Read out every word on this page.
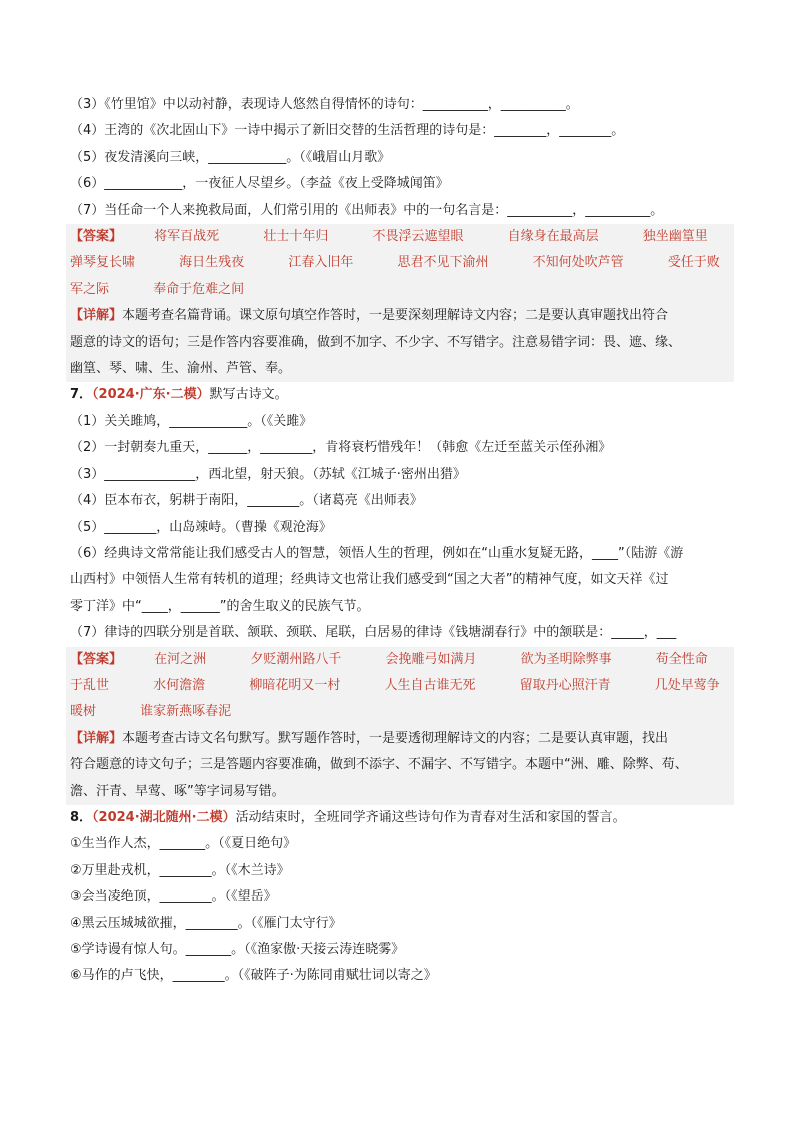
（3）《竹里馆》中以动衬静，表现诗人悠然自得情怀的诗句：__________，__________。
（4）王湾的《次北固山下》一诗中揭示了新旧交替的生活哲理的诗句是：________，________。
（5）夜发清溪向三峡，____________。（《峨眉山月歌》
（6）____________，一夜征人尽望乡。（李益《夜上受降城闻笛》
（7）当任命一个人来挽救局面，人们常引用的《出师表》中的一句名言是：__________，__________。
【答案】 将军百战死	壮士十年归	不畏浮云遮望眼	自缘身在最高层	独坐幽篁里
弹琴复长啸	海日生残夜	江春入旧年	思君不见下渝州	不知何处吹芦管	受任于败
军之际	奉命于危难之间
【详解】本题考查名篇背诵。课文原句填空作答时，一是要深刻理解诗文内容；二是要认真审题找出符合
题意的诗文的语句；三是作答内容要准确，做到不加字、不少字、不写错字。注意易错字词：畏、遮、缘、
幽篁、琴、啸、生、渝州、芦管、奉。
7．（2024·广东·二模）默写古诗文。
（1）关关雎鸠，____________。（《关雎》
（2）一封朝奏九重天，______，________，肯将衰朽惜残年！（韩愈《左迁至蓝关示侄孙湘》
（3）______________，西北望，射天狼。（苏轼《江城子·密州出猎》
（4）臣本布衣，躬耕于南阳，________。（诸葛亮《出师表》
（5）________，山岛竦峙。（曹操《观沧海》
（6）经典诗文常常能让我们感受古人的智慧，领悟人生的哲理，例如在“山重水复疑无路，____”（陆游《游
山西村》中领悟人生常有转机的道理；经典诗文也常让我们感受到“国之大者”的精神气度，如文天祥《过
零丁洋》中“____，______”的舍生取义的民族气节。
（7）律诗的四联分别是首联、颔联、颈联、尾联，白居易的律诗《钱塘湖春行》中的颔联是：_____，___
【答案】 在河之洲	夕贬潮州路八千	会挽雕弓如满月	欲为圣明除弊事	苟全性命
于乱世	水何澹澹	柳暗花明又一村	人生自古谁无死	留取丹心照汗青	几处早莺争
暖树	谁家新燕啄春泥
【详解】本题考查古诗文名句默写。默写题作答时，一是要透彻理解诗文的内容；二是要认真审题，找出
符合题意的诗文句子；三是答题内容要准确，做到不添字、不漏字、不写错字。本题中“洲、雕、除弊、苟、
澹、汗青、早莺、啄”等字词易写错。
8．（2024·湖北随州·二模）活动结束时，全班同学齐诵这些诗句作为青春对生活和家国的誓言。
①生当作人杰，_______。（《夏日绝句》
②万里赴戎机，________。（《木兰诗》
③会当凌绝顶，________。（《望岳》
④黑云压城城欲摧，________。（《雁门太守行》
⑤学诗谩有惊人句。_______。（《渔家傲·天接云涛连晓雾》
⑥马作的卢飞快，________。（《破阵子·为陈同甫赋壮词以寄之》
